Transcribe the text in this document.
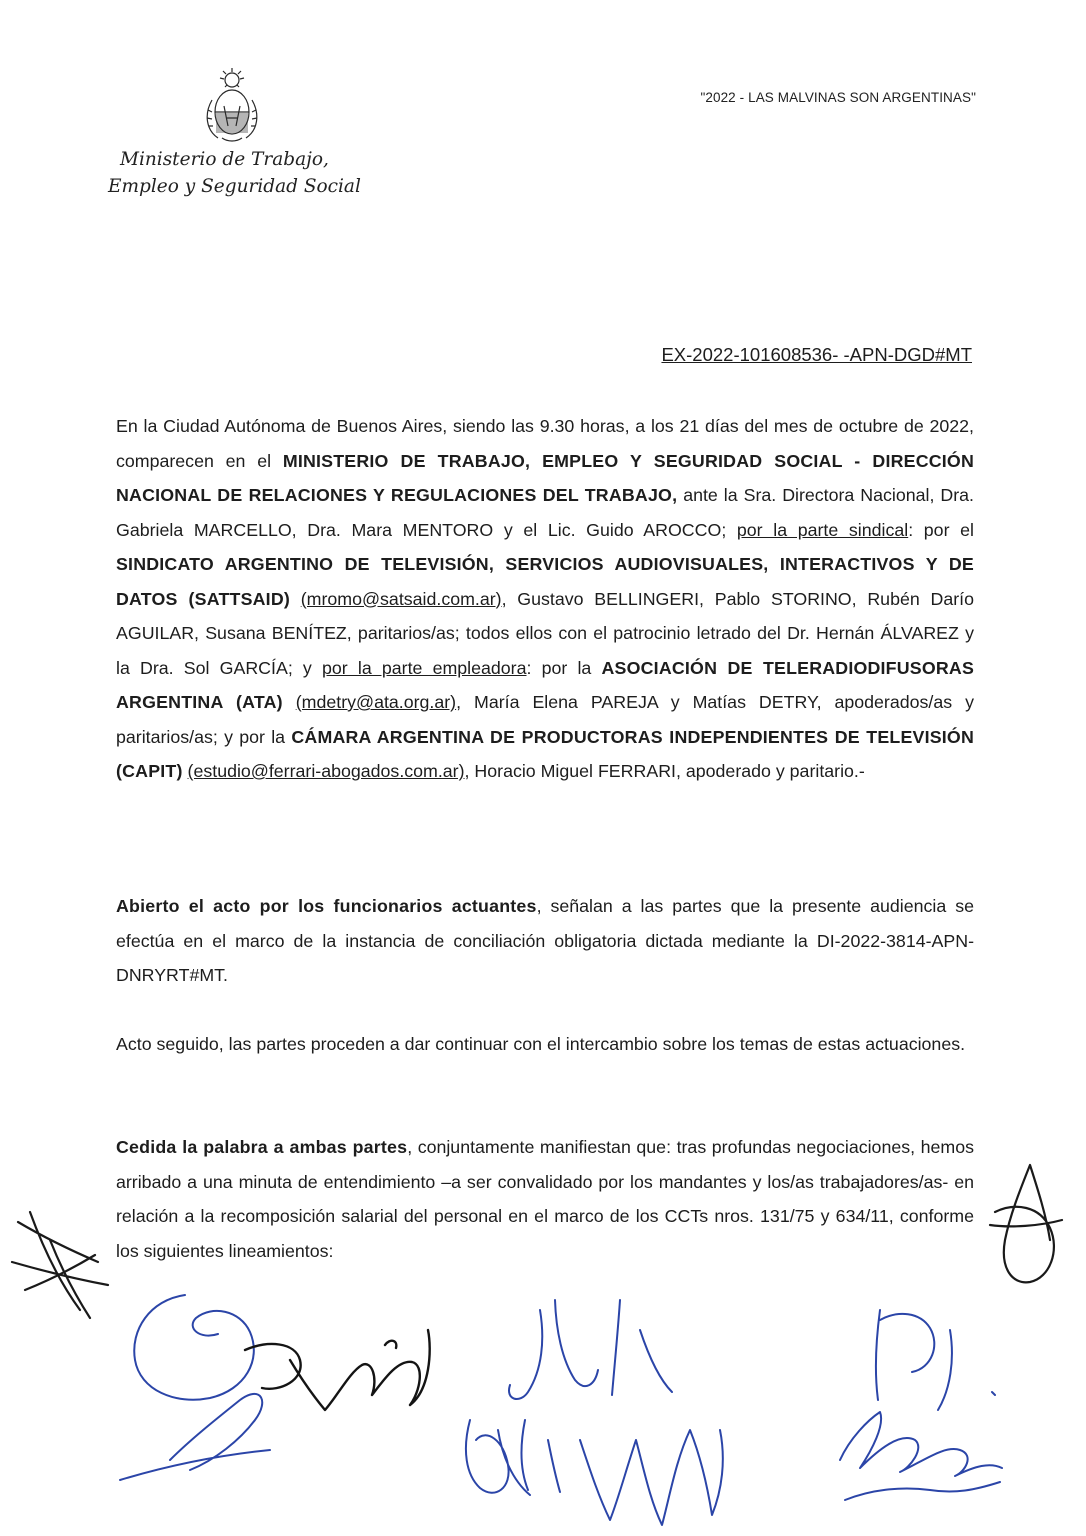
"2022 - LAS MALVINAS SON ARGENTINAS"
Ministerio de Trabajo,
Empleo y Seguridad Social
EX-2022-101608536- -APN-DGD#MT
En la Ciudad Autónoma de Buenos Aires, siendo las 9.30 horas, a los 21 días del mes de octubre de 2022, comparecen en el MINISTERIO DE TRABAJO, EMPLEO Y SEGURIDAD SOCIAL - DIRECCIÓN NACIONAL DE RELACIONES Y REGULACIONES DEL TRABAJO, ante la Sra. Directora Nacional, Dra. Gabriela MARCELLO, Dra. Mara MENTORO y el Lic. Guido AROCCO; por la parte sindical: por el SINDICATO ARGENTINO DE TELEVISIÓN, SERVICIOS AUDIOVISUALES, INTERACTIVOS Y DE DATOS (SATTSAID) (mromo@satsaid.com.ar), Gustavo BELLINGERI, Pablo STORINO, Rubén Darío AGUILAR, Susana BENÍTEZ, paritarios/as; todos ellos con el patrocinio letrado del Dr. Hernán ÁLVAREZ y la Dra. Sol GARCÍA; y por la parte empleadora: por la ASOCIACIÓN DE TELERADIODIFUSORAS ARGENTINA (ATA) (mdetry@ata.org.ar), María Elena PAREJA y Matías DETRY, apoderados/as y paritarios/as; y por la CÁMARA ARGENTINA DE PRODUCTORAS INDEPENDIENTES DE TELEVISIÓN (CAPIT) (estudio@ferrari-abogados.com.ar), Horacio Miguel FERRARI, apoderado y paritario.-
Abierto el acto por los funcionarios actuantes, señalan a las partes que la presente audiencia se efectúa en el marco de la instancia de conciliación obligatoria dictada mediante la DI-2022-3814-APN-DNRYRT#MT.
Acto seguido, las partes proceden a dar continuar con el intercambio sobre los temas de estas actuaciones.
Cedida la palabra a ambas partes, conjuntamente manifiestan que: tras profundas negociaciones, hemos arribado a una minuta de entendimiento –a ser convalidado por los mandantes y los/as trabajadores/as- en relación a la recomposición salarial del personal en el marco de los CCTs nros. 131/75 y 634/11, conforme los siguientes lineamientos:
